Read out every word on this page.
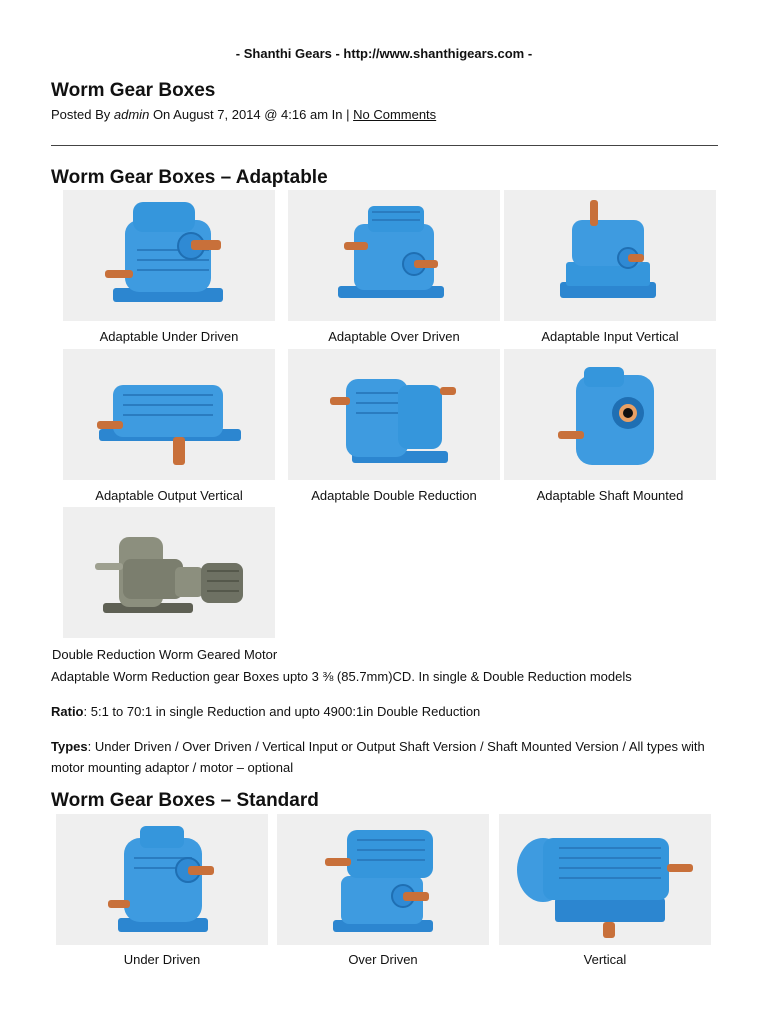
- Shanthi Gears - http://www.shanthigears.com -
Worm Gear Boxes
Posted By admin On August 7, 2014 @ 4:16 am In | No Comments
Worm Gear Boxes – Adaptable
Adaptable Under Driven	Adaptable Over Driven	Adaptable Input Vertical
Adaptable Output Vertical	Adaptable Double Reduction	Adaptable Shaft Mounted
Double Reduction Worm Geared Motor
Adaptable Worm Reduction gear Boxes upto 3 ⅜ (85.7mm)CD. In single & Double Reduction models
Ratio: 5:1 to 70:1 in single Reduction and upto 4900:1in Double Reduction
Types: Under Driven / Over Driven / Vertical Input or Output Shaft Version / Shaft Mounted Version / All types with motor mounting adaptor / motor – optional
Worm Gear Boxes – Standard
Under Driven	Over Driven	Vertical
